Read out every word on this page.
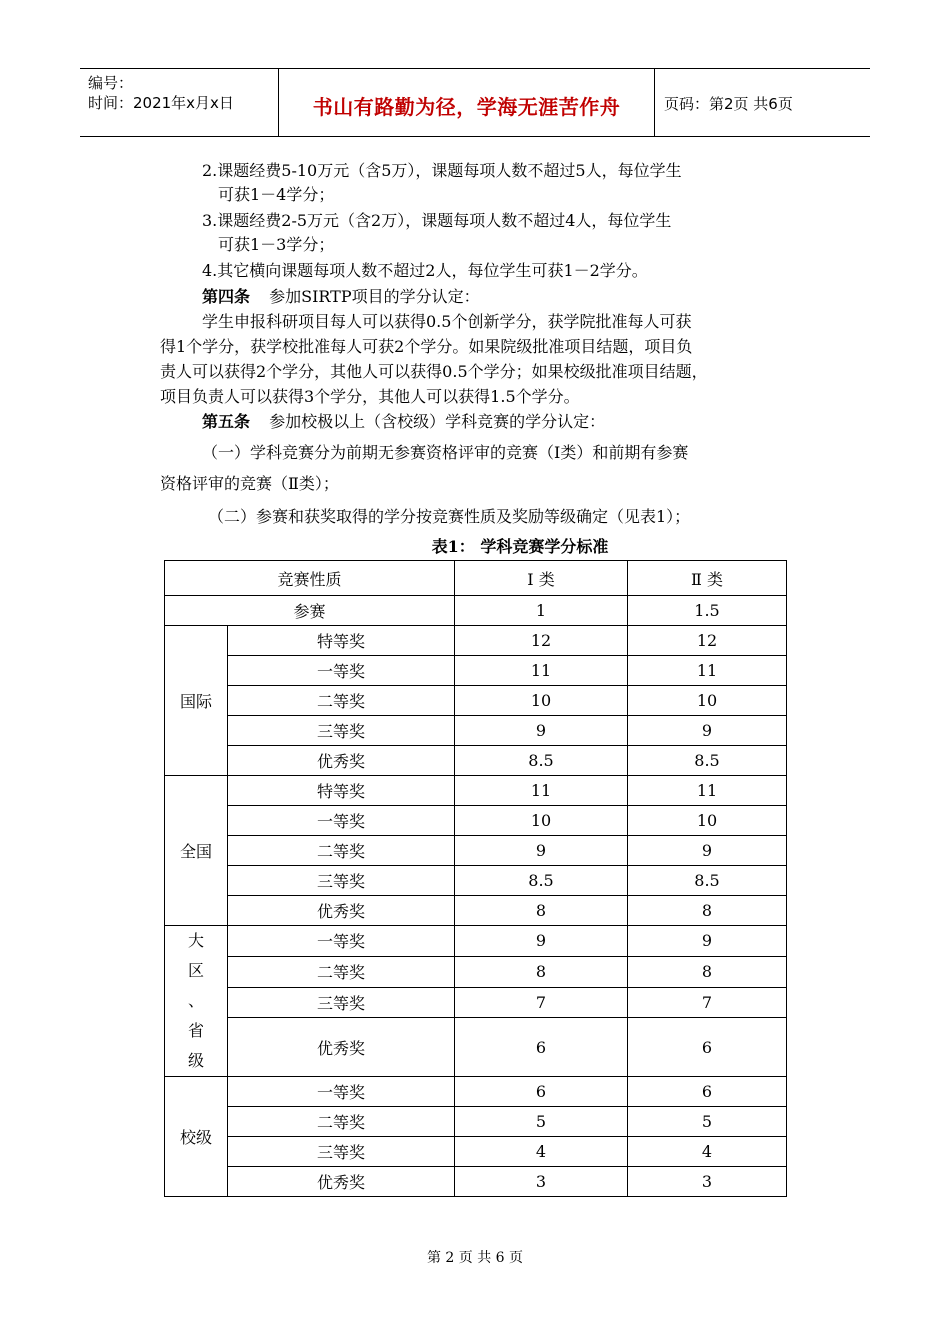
编号：
时间：2021年x月x日	书山有路勤为径，学海无涯苦作舟	页码：第2页 共6页
2.课题经费5-10万元（含5万），课题每项人数不超过5人，每位学生
可获1－4学分；
3.课题经费2-5万元（含2万），课题每项人数不超过4人，每位学生
可获1－3学分；
4.其它横向课题每项人数不超过2人，每位学生可获1－2学分。
第四条 参加SIRTP项目的学分认定：
学生申报科研项目每人可以获得0.5个创新学分，获学院批准每人可获
得1个学分，获学校批准每人可获2个学分。如果院级批准项目结题，项目负
责人可以获得2个学分，其他人可以获得0.5个学分；如果校级批准项目结题，
项目负责人可以获得3个学分，其他人可以获得1.5个学分。
第五条 参加校极以上（含校级）学科竞赛的学分认定：
（一）学科竞赛分为前期无参赛资格评审的竞赛（Ⅰ类）和前期有参赛
资格评审的竞赛（Ⅱ类）；
（二）参赛和获奖取得的学分按竞赛性质及奖励等级确定（见表1）；
表1： 学科竞赛学分标准
竞赛性质		Ⅰ 类	Ⅱ 类
参赛		1	1.5
国际	特等奖	12	12
	一等奖	11	11
	二等奖	10	10
	三等奖	9	9
	优秀奖	8.5	8.5
全国	特等奖	11	11
	一等奖	10	10
	二等奖	9	9
	三等奖	8.5	8.5
	优秀奖	8	8

大
区
、
省
级	一等奖	9	9
	二等奖	8	8
	三等奖	7	7
	优秀奖	6	6
校级	一等奖	6	6
	二等奖	5	5
	三等奖	4	4
	优秀奖	3	3
第 2 页 共 6 页
